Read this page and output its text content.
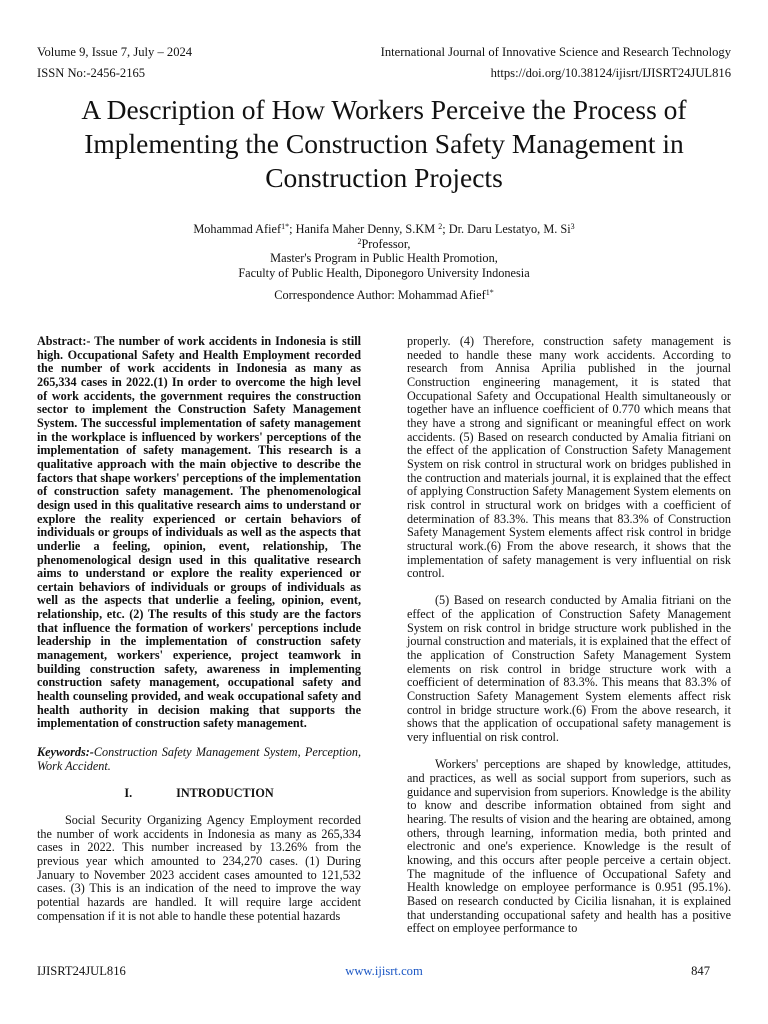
Volume 9, Issue 7, July – 2024
ISSN No:-2456-2165
International Journal of Innovative Science and Research Technology
https://doi.org/10.38124/ijisrt/IJISRT24JUL816
A Description of How Workers Perceive the Process of Implementing the Construction Safety Management in Construction Projects
Mohammad Afief$^{1*}$; Hanifa Maher Denny, S.KM $^2$; Dr. Daru Lestatyo, M. Si$^3$
$^2$Professor,
Master's Program in Public Health Promotion,
Faculty of Public Health, Diponegoro University Indonesia
Correspondence Author: Mohammad Afief$^{1*}$

Abstract:- The number of work accidents in Indonesia is still high. Occupational Safety and Health Employment recorded the number of work accidents in Indonesia as many as 265,334 cases in 2022.(1) In order to overcome the high level of work accidents, the government requires the construction sector to implement the Construction Safety Management System. The successful implementation of safety management in the workplace is influenced by workers' perceptions of the implementation of safety management. This research is a qualitative approach with the main objective to describe the factors that shape workers' perceptions of the implementation of construction safety management. The phenomenological design used in this qualitative research aims to understand or explore the reality experienced or certain behaviors of individuals or groups of individuals as well as the aspects that underlie a feeling, opinion, event, relationship, The phenomenological design used in this qualitative research aims to understand or explore the reality experienced or certain behaviors of individuals or groups of individuals as well as the aspects that underlie a feeling, opinion, event, relationship, etc. (2) The results of this study are the factors that influence the formation of workers' perceptions include leadership in the implementation of construction safety management, workers' experience, project teamwork in building construction safety, awareness in implementing construction safety management, occupational safety and health counseling provided, and weak occupational safety and health authority in decision making that supports the implementation of construction safety management.

Keywords:-Construction Safety Management System, Perception, Work Accident.

I.	INTRODUCTION

Social Security Organizing Agency Employment recorded the number of work accidents in Indonesia as many as 265,334 cases in 2022. This number increased by 13.26% from the previous year which amounted to 234,270 cases. (1) During January to November 2023 accident cases amounted to 121,532 cases. (3) This is an indication of the need to improve the way potential hazards are handled. It will require large accident compensation if it is not able to handle these potential hazards

properly. (4) Therefore, construction safety management is needed to handle these many work accidents. According to research from Annisa Aprilia published in the journal Construction engineering management, it is stated that Occupational Safety and Occupational Health simultaneously or together have an influence coefficient of 0.770 which means that they have a strong and significant or meaningful effect on work accidents. (5) Based on research conducted by Amalia fitriani on the effect of the application of Construction Safety Management System on risk control in structural work on bridges published in the contruction and materials journal, it is explained that the effect of applying Construction Safety Management System elements on risk control in structural work on bridges with a coefficient of determination of 83.3%. This means that 83.3% of Construction Safety Management System elements affect risk control in bridge structural work.(6) From the above research, it shows that the implementation of safety management is very influential on risk control.

(5) Based on research conducted by Amalia fitriani on the effect of the application of Construction Safety Management System on risk control in bridge structure work published in the journal construction and materials, it is explained that the effect of the application of Construction Safety Management System elements on risk control in bridge structure work with a coefficient of determination of 83.3%. This means that 83.3% of Construction Safety Management System elements affect risk control in bridge structure work.(6) From the above research, it shows that the application of occupational safety management is very influential on risk control.

Workers' perceptions are shaped by knowledge, attitudes, and practices, as well as social support from superiors, such as guidance and supervision from superiors. Knowledge is the ability to know and describe information obtained from sight and hearing. The results of vision and the hearing are obtained, among others, through learning, information media, both printed and electronic and one's experience. Knowledge is the result of knowing, and this occurs after people perceive a certain object. The magnitude of the influence of Occupational Safety and Health knowledge on employee performance is 0.951 (95.1%). Based on research conducted by Cicilia lisnahan, it is explained that understanding occupational safety and health has a positive effect on employee performance to

IJISRT24JUL816	www.ijisrt.com	847
